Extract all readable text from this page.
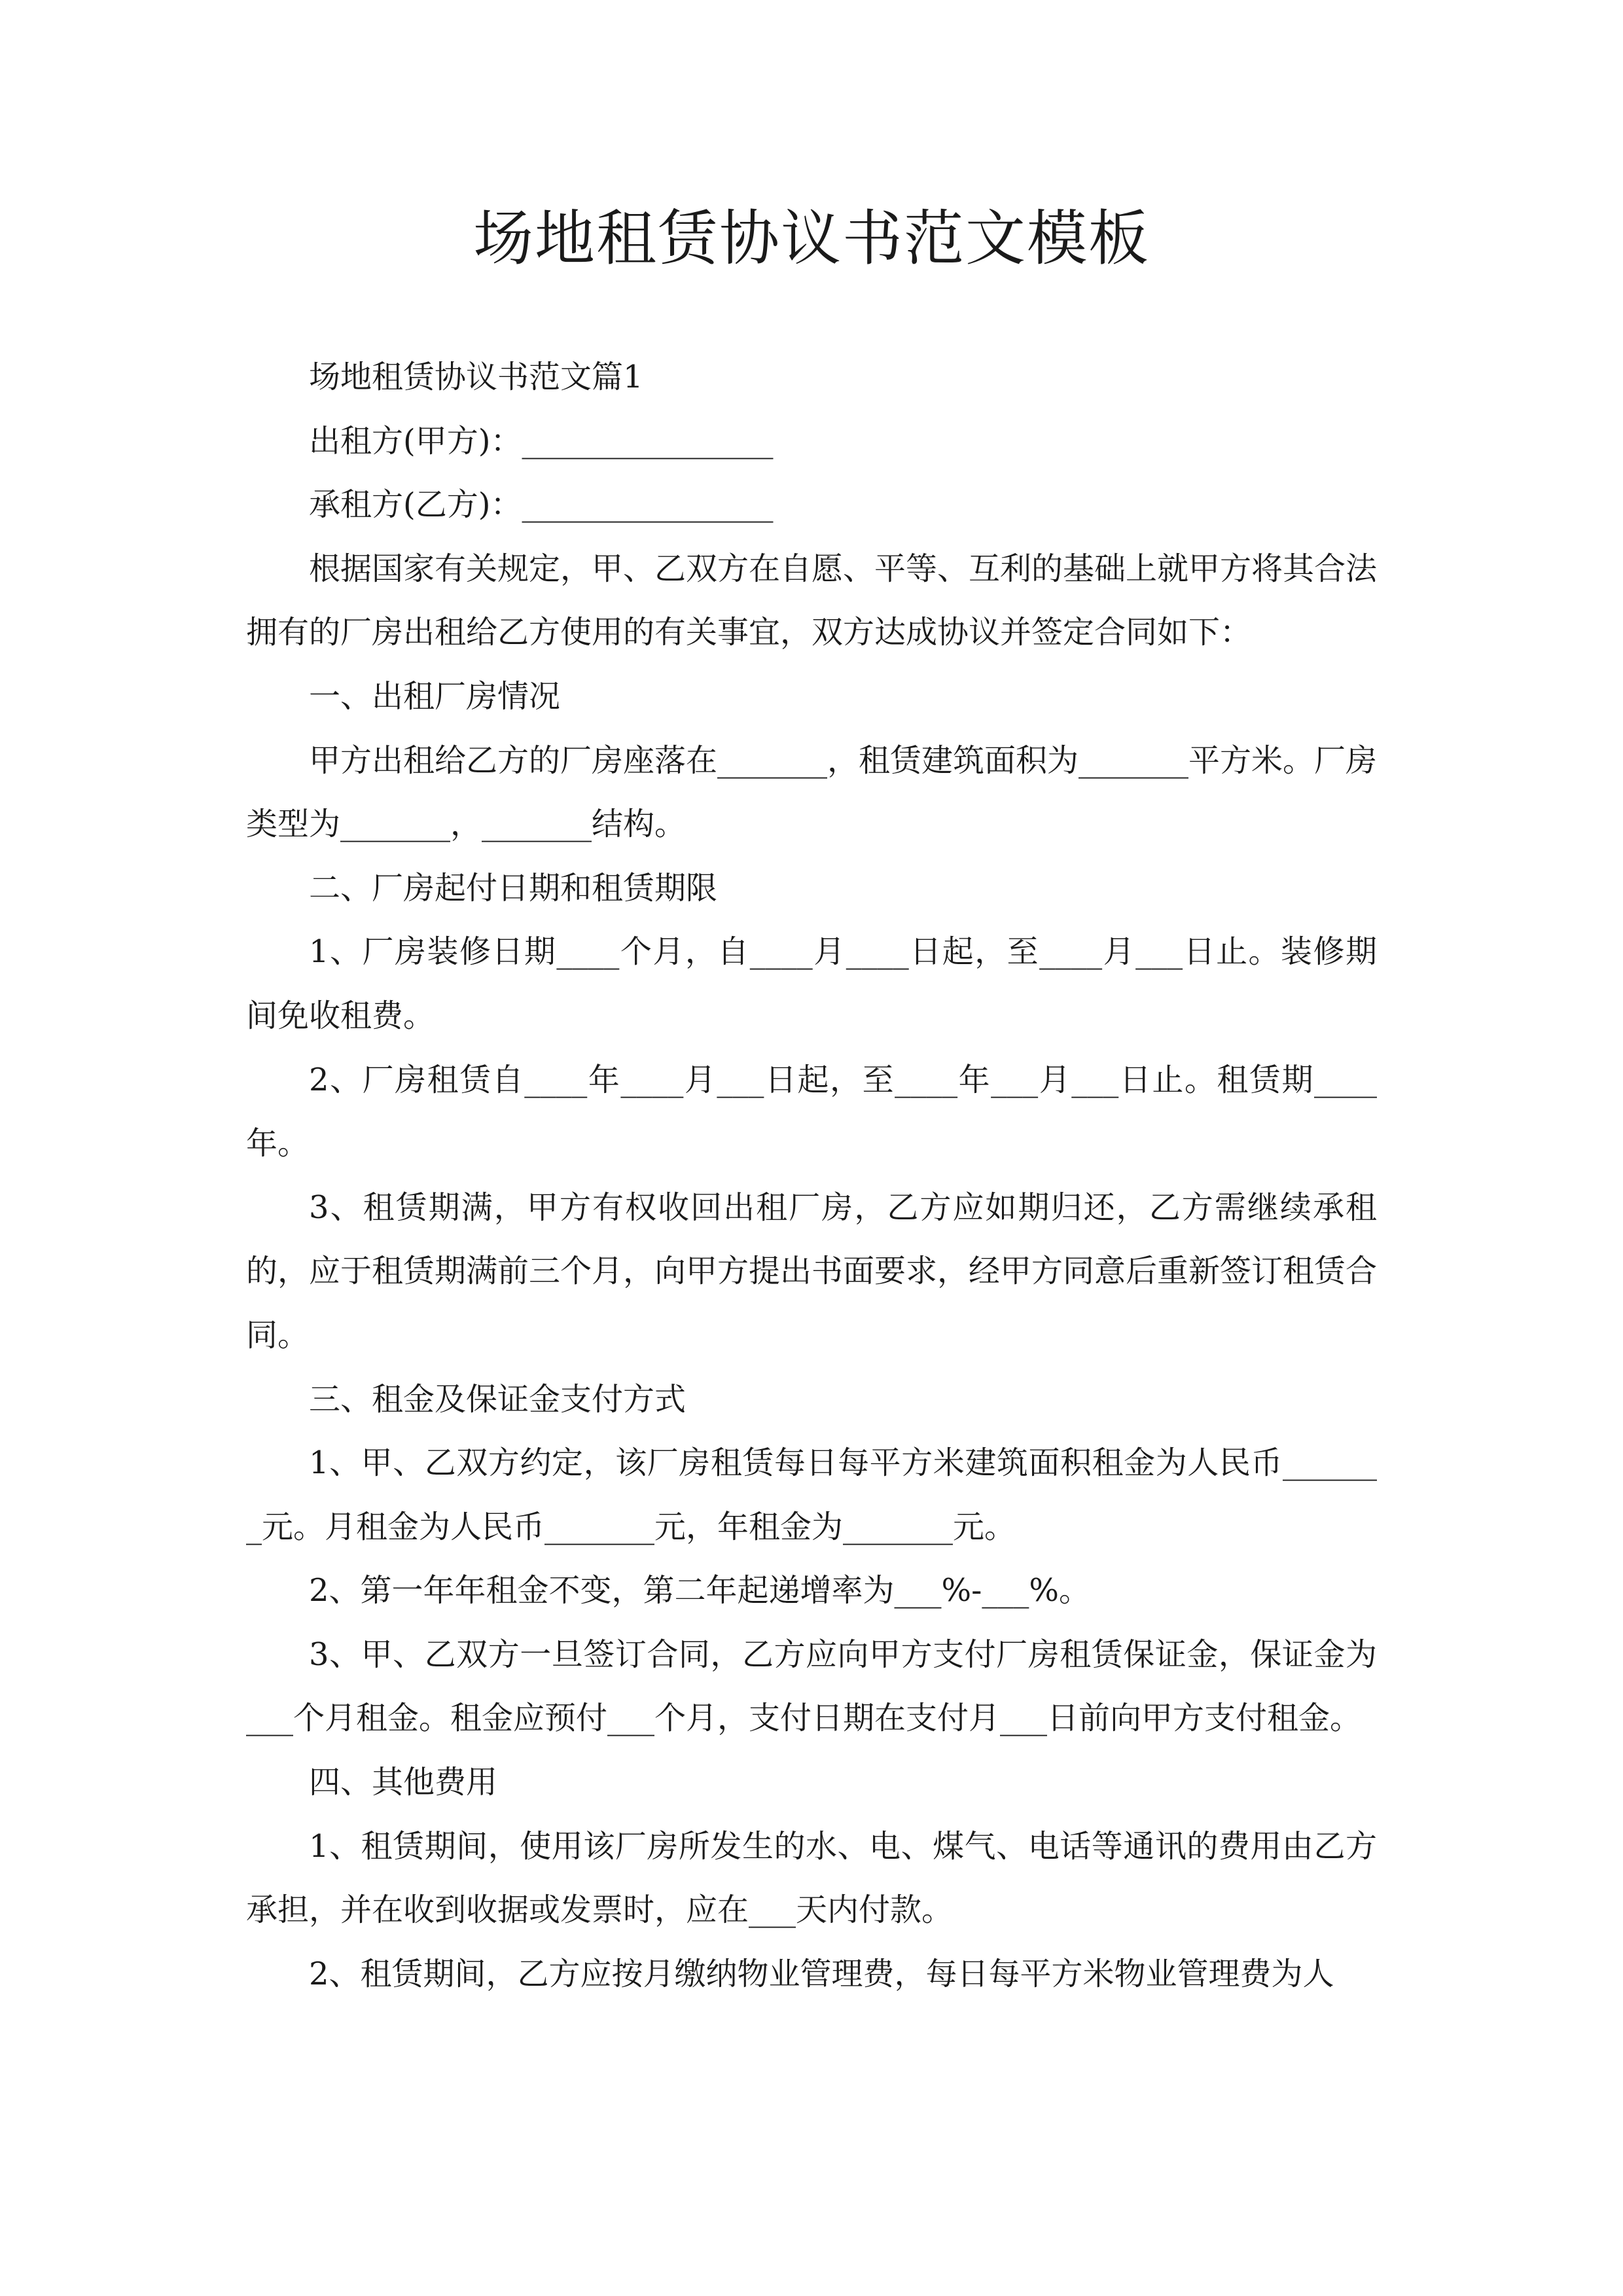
场地租赁协议书范文模板

场地租赁协议书范文篇1

出租方(甲方)：________________

承租方(乙方)：________________

根据国家有关规定，甲、乙双方在自愿、平等、互利的基础上就甲方将其合法拥有的厂房出租给乙方使用的有关事宜，双方达成协议并签定合同如下：

一、出租厂房情况

甲方出租给乙方的厂房座落在_______，租赁建筑面积为_______平方米。厂房类型为_______，_______结构。

二、厂房起付日期和租赁期限

1、厂房装修日期____个月，自____月____日起，至____月___日止。装修期间免收租费。

2、厂房租赁自____年____月___日起，至____年___月___日止。租赁期____年。

3、租赁期满，甲方有权收回出租厂房，乙方应如期归还，乙方需继续承租的，应于租赁期满前三个月，向甲方提出书面要求，经甲方同意后重新签订租赁合同。

三、租金及保证金支付方式

1、甲、乙双方约定，该厂房租赁每日每平方米建筑面积租金为人民币_______元。月租金为人民币_______元，年租金为_______元。

2、第一年年租金不变，第二年起递增率为___%-___%。

3、甲、乙双方一旦签订合同，乙方应向甲方支付厂房租赁保证金，保证金为___个月租金。租金应预付___个月，支付日期在支付月___日前向甲方支付租金。

四、其他费用

1、租赁期间，使用该厂房所发生的水、电、煤气、电话等通讯的费用由乙方承担，并在收到收据或发票时，应在___天内付款。

2、租赁期间，乙方应按月缴纳物业管理费，每日每平方米物业管理费为人
